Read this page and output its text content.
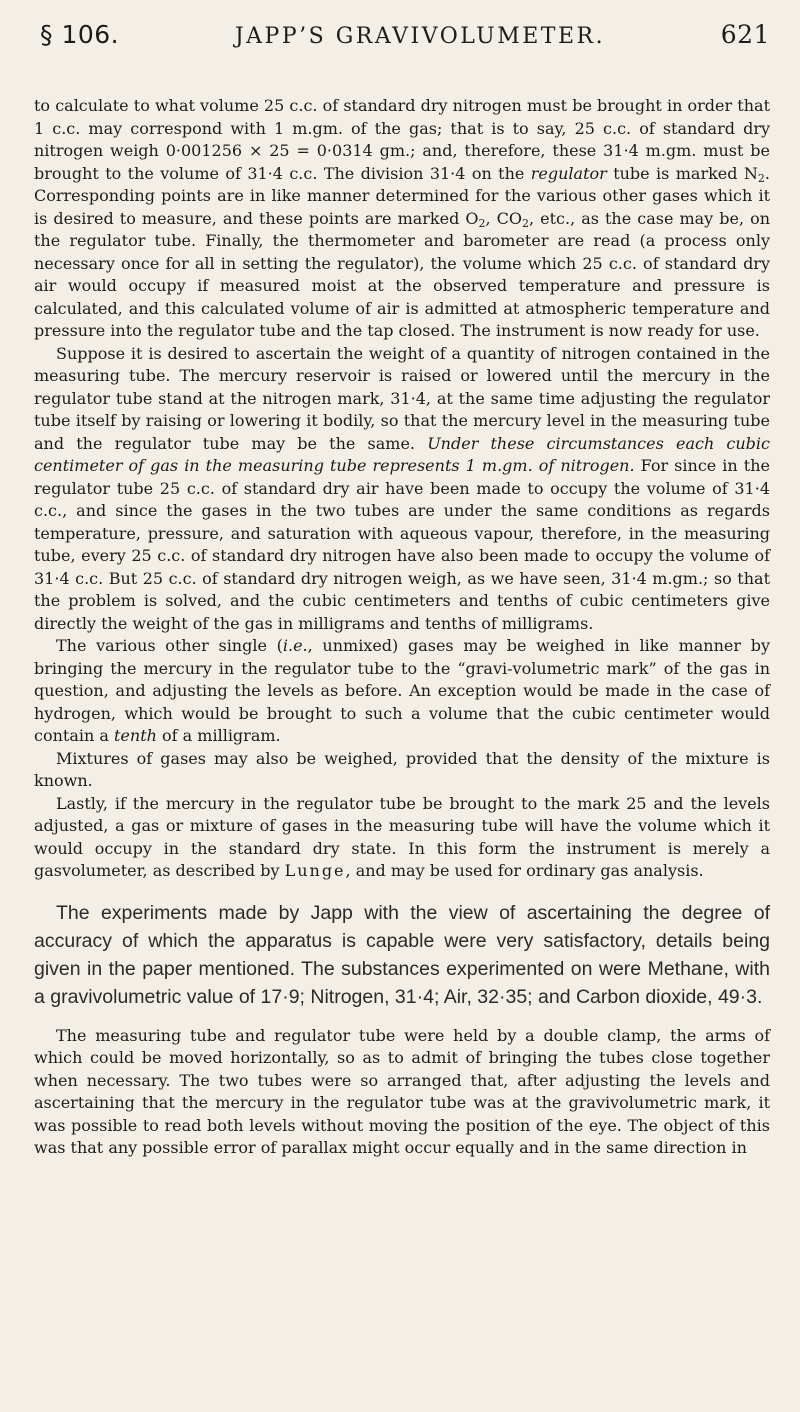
§ 106.	JAPP’S GRAVIVOLUMETER.	621

to calculate to what volume 25 c.c. of standard dry nitrogen must be brought in order that 1 c.c. may correspond with 1 m.gm. of the gas; that is to say, 25 c.c. of standard dry nitrogen weigh 0·001256 × 25 = 0·0314 gm.; and, therefore, these 31·4 m.gm. must be brought to the volume of 31·4 c.c. The division 31·4 on the regulator tube is marked $N_2$. Corresponding points are in like manner determined for the various other gases which it is desired to measure, and these points are marked $O_2$, $CO_2$, etc., as the case may be, on the regulator tube. Finally, the thermometer and barometer are read (a process only necessary once for all in setting the regulator), the volume which 25 c.c. of standard dry air would occupy if measured moist at the observed temperature and pressure is calculated, and this calculated volume of air is admitted at atmospheric temperature and pressure into the regulator tube and the tap closed. The instrument is now ready for use.

Suppose it is desired to ascertain the weight of a quantity of nitrogen contained in the measuring tube. The mercury reservoir is raised or lowered until the mercury in the regulator tube stand at the nitrogen mark, 31·4, at the same time adjusting the regulator tube itself by raising or lowering it bodily, so that the mercury level in the measuring tube and the regulator tube may be the same. Under these circumstances each cubic centimeter of gas in the measuring tube represents 1 m.gm. of nitrogen. For since in the regulator tube 25 c.c. of standard dry air have been made to occupy the volume of 31·4 c.c., and since the gases in the two tubes are under the same conditions as regards temperature, pressure, and saturation with aqueous vapour, therefore, in the measuring tube, every 25 c.c. of standard dry nitrogen have also been made to occupy the volume of 31·4 c.c. But 25 c.c. of standard dry nitrogen weigh, as we have seen, 31·4 m.gm.; so that the problem is solved, and the cubic centimeters and tenths of cubic centimeters give directly the weight of the gas in milligrams and tenths of milligrams.

The various other single (i.e., unmixed) gases may be weighed in like manner by bringing the mercury in the regulator tube to the “gravi-volumetric mark” of the gas in question, and adjusting the levels as before. An exception would be made in the case of hydrogen, which would be brought to such a volume that the cubic centimeter would contain a tenth of a milligram.

Mixtures of gases may also be weighed, provided that the density of the mixture is known.

Lastly, if the mercury in the regulator tube be brought to the mark 25 and the levels adjusted, a gas or mixture of gases in the measuring tube will have the volume which it would occupy in the standard dry state. In this form the instrument is merely a gasvolumeter, as described by Lunge, and may be used for ordinary gas analysis.

The experiments made by Japp with the view of ascertaining the degree of accuracy of which the apparatus is capable were very satisfactory, details being given in the paper mentioned. The substances experimented on were Methane, with a gravivolumetric value of 17·9; Nitrogen, 31·4; Air, 32·35; and Carbon dioxide, 49·3.

The measuring tube and regulator tube were held by a double clamp, the arms of which could be moved horizontally, so as to admit of bringing the tubes close together when necessary. The two tubes were so arranged that, after adjusting the levels and ascertaining that the mercury in the regulator tube was at the gravivolumetric mark, it was possible to read both levels without moving the position of the eye. The object of this was that any possible error of parallax might occur equally and in the same direction in
